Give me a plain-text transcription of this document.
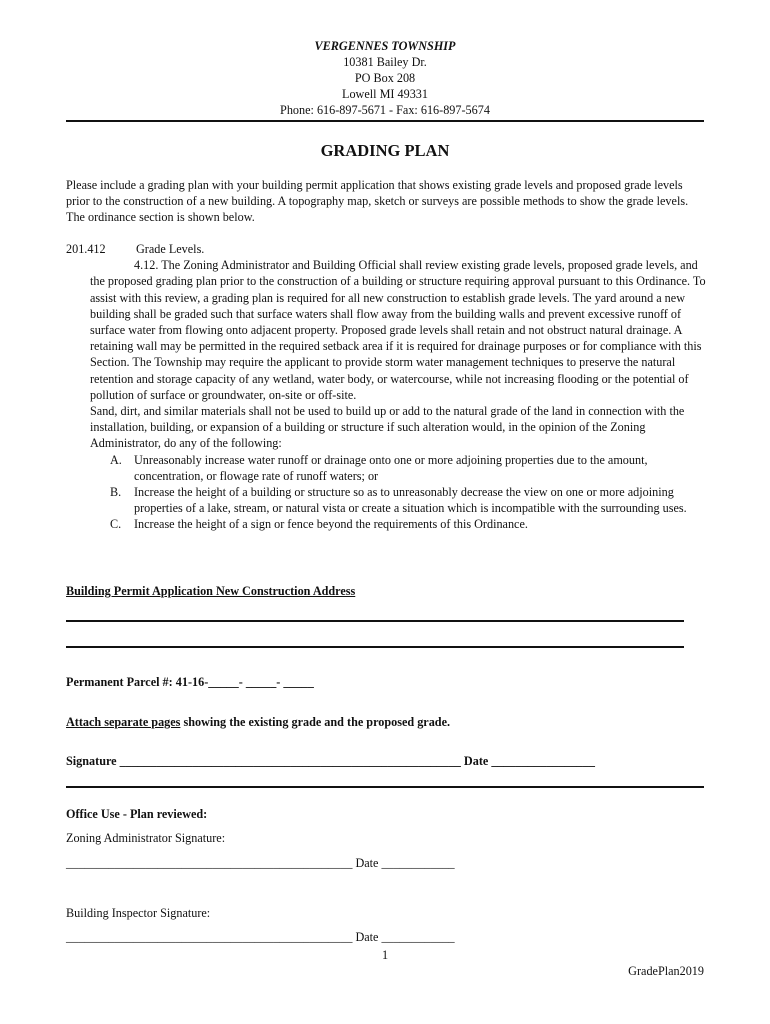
VERGENNES TOWNSHIP
10381 Bailey Dr.
PO Box 208
Lowell MI 49331
Phone: 616-897-5671 - Fax: 616-897-5674
GRADING PLAN
Please include a grading plan with your building permit application that shows existing grade levels and proposed grade levels prior to the construction of a new building. A topography map, sketch or surveys are possible methods to show the grade levels. The ordinance section is shown below.
201.412	Grade Levels.

4.12. The Zoning Administrator and Building Official shall review existing grade levels, proposed grade levels, and the proposed grading plan prior to the construction of a building or structure requiring approval pursuant to this Ordinance. To assist with this review, a grading plan is required for all new construction to establish grade levels. The yard around a new building shall be graded such that surface waters shall flow away from the building walls and prevent excessive runoff of surface water from flowing onto adjacent property. Proposed grade levels shall retain and not obstruct natural drainage. A retaining wall may be permitted in the required setback area if it is required for drainage purposes or for compliance with this Section. The Township may require the applicant to provide storm water management techniques to preserve the natural retention and storage capacity of any wetland, water body, or watercourse, while not increasing flooding or the potential of pollution of surface or groundwater, on-site or off-site.

Sand, dirt, and similar materials shall not be used to build up or add to the natural grade of the land in connection with the installation, building, or expansion of a building or structure if such alteration would, in the opinion of the Zoning Administrator, do any of the following:

A. Unreasonably increase water runoff or drainage onto one or more adjoining properties due to the amount, concentration, or flowage rate of runoff waters; or
B.	Increase the height of a building or structure so as to unreasonably decrease the view on one or more adjoining properties of a lake, stream, or natural vista or create a situation which is incompatible with the surrounding uses.
C.	Increase the height of a sign or fence beyond the requirements of this Ordinance.
Building Permit Application New Construction Address
Permanent Parcel #: 41-16-_____- _____- _____
Attach separate pages showing the existing grade and the proposed grade.
Signature ________________________________________________________ Date _________________
Office Use - Plan reviewed:
Zoning Administrator Signature:
_______________________________________________ Date ____________
Building Inspector Signature:
_______________________________________________ Date ____________
1
GradePlan2019
